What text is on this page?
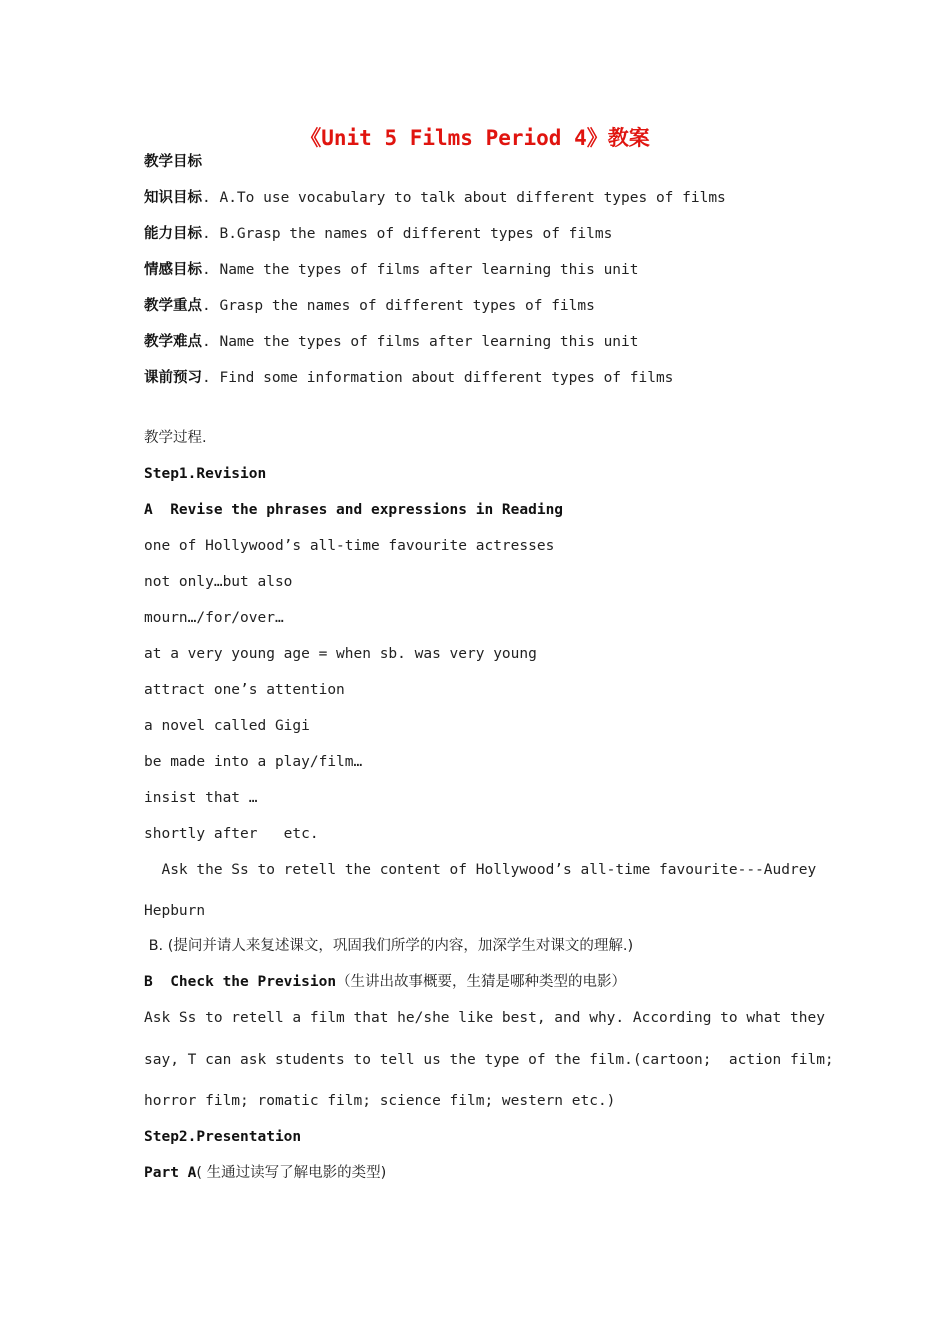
《Unit 5 Films Period 4》教案
教学目标
知识目标. A.To use vocabulary to talk about different types of films
能力目标. B.Grasp the names of different types of films
情感目标. Name the types of films after learning this unit
教学重点. Grasp the names of different types of films
教学难点. Name the types of films after learning this unit
课前预习. Find some information about different types of films
教学过程.
Step1.Revision
A  Revise the phrases and expressions in Reading
one of Hollywood’s all-time favourite actresses
not only…but also
mourn…/for/over…
at a very young age = when sb. was very young
attract one’s attention
a novel called Gigi
be made into a play/film…
insist that …
shortly after   etc.
Ask the Ss to retell the content of Hollywood’s all-time favourite---Audrey
Hepburn
B. (提问并请人来复述课文，巩固我们所学的内容，加深学生对课文的理解.)
B  Check the Prevision（生讲出故事概要，生猜是哪种类型的电影）
Ask Ss to retell a film that he/she like best, and why. According to what they
say, T can ask students to tell us the type of the film.(cartoon;  action film;
horror film; romatic film; science film; western etc.)
Step2.Presentation
Part A( 生通过读写了解电影的类型)
